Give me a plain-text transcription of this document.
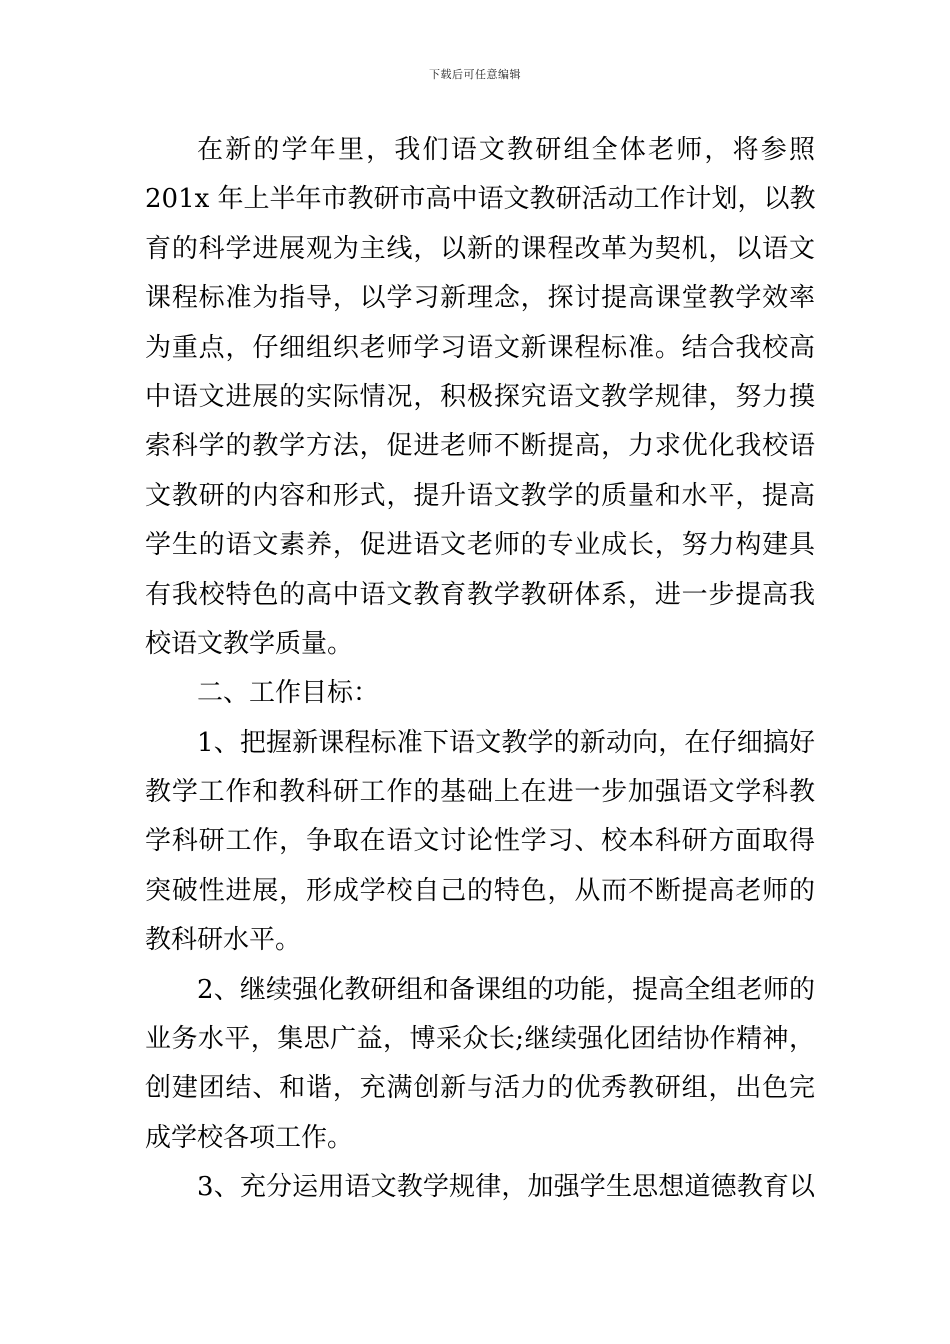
下载后可任意编辑
在新的学年里，我们语文教研组全体老师，将参照
201x 年上半年市教研市高中语文教研活动工作计划，以教
育的科学进展观为主线，以新的课程改革为契机，以语文
课程标准为指导，以学习新理念，探讨提高课堂教学效率
为重点，仔细组织老师学习语文新课程标准。结合我校高
中语文进展的实际情况，积极探究语文教学规律，努力摸
索科学的教学方法，促进老师不断提高，力求优化我校语
文教研的内容和形式，提升语文教学的质量和水平，提高
学生的语文素养，促进语文老师的专业成长，努力构建具
有我校特色的高中语文教育教学教研体系，进一步提高我
校语文教学质量。
二、工作目标：
1、把握新课程标准下语文教学的新动向，在仔细搞好
教学工作和教科研工作的基础上在进一步加强语文学科教
学科研工作，争取在语文讨论性学习、校本科研方面取得
突破性进展，形成学校自己的特色，从而不断提高老师的
教科研水平。
2、继续强化教研组和备课组的功能，提高全组老师的
业务水平，集思广益，博采众长;继续强化团结协作精神，
创建团结、和谐，充满创新与活力的优秀教研组，出色完
成学校各项工作。
3、充分运用语文教学规律，加强学生思想道德教育以
